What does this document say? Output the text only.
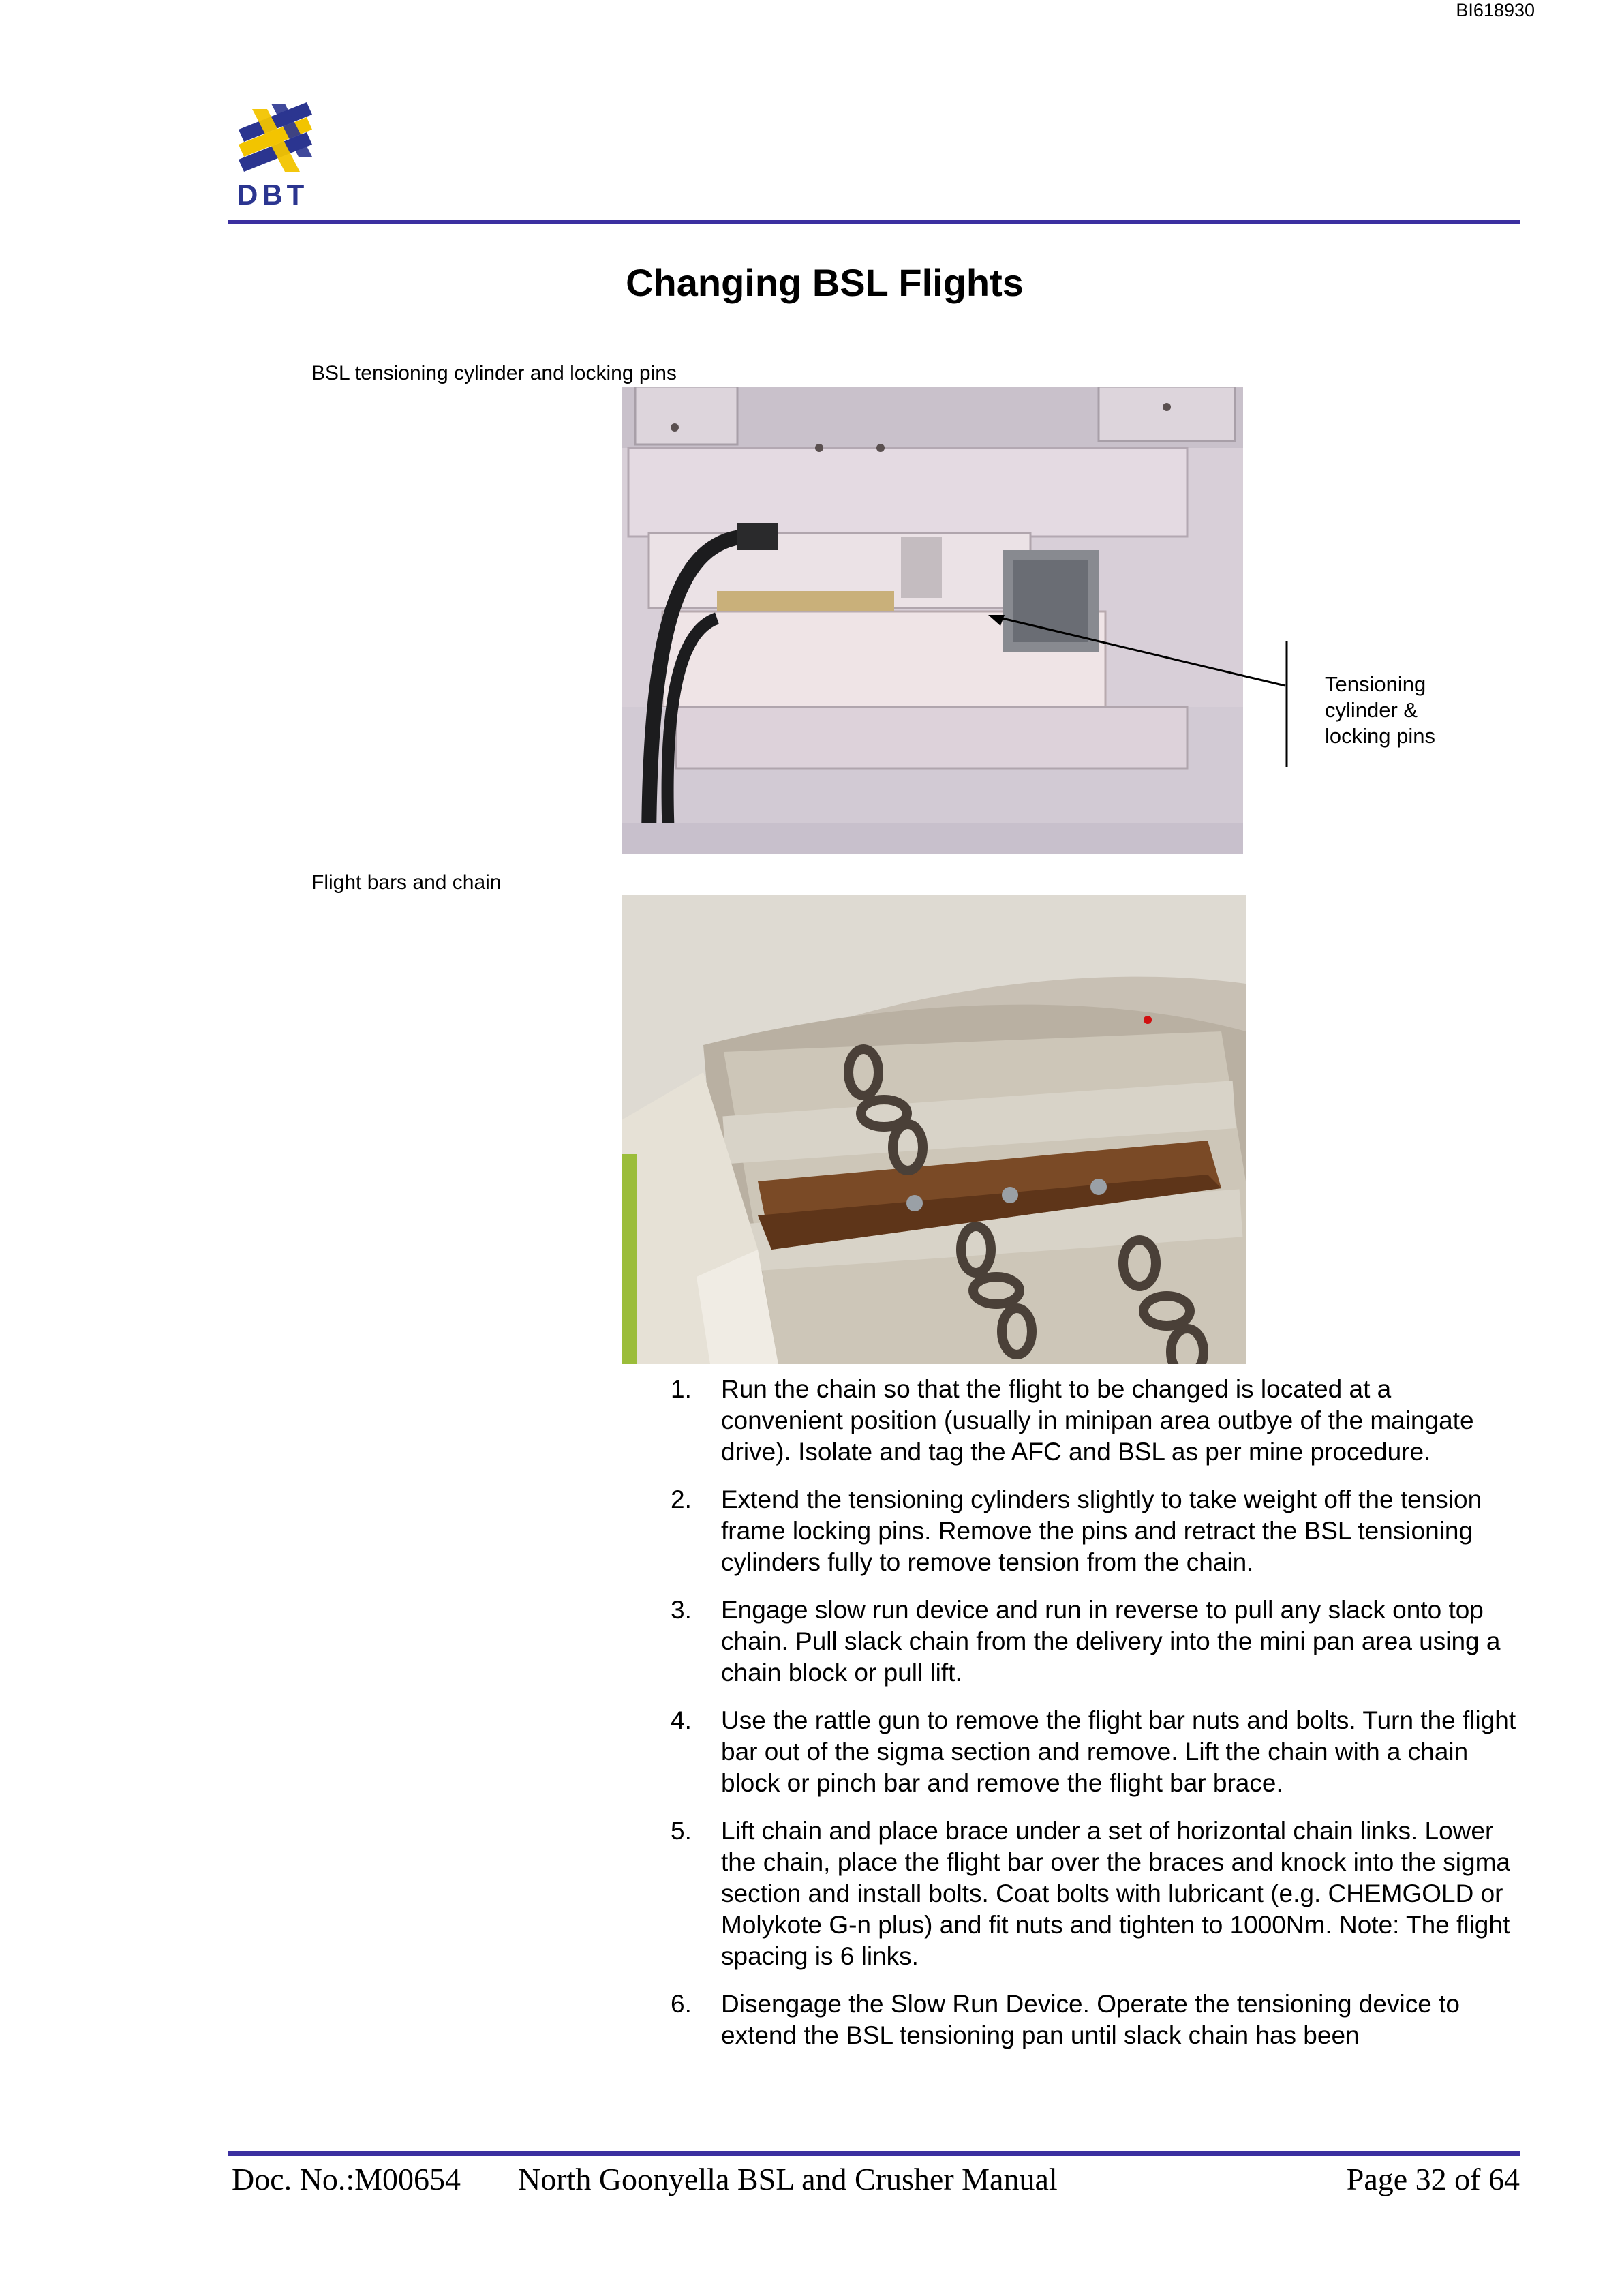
BI618930
DBT
Changing BSL Flights
BSL tensioning cylinder and locking pins
Tensioning
cylinder &
locking pins
Flight bars and chain
1. Run the chain so that the flight to be changed is located at a convenient position (usually in minipan area outbye of the maingate drive). Isolate and tag the AFC and BSL as per mine procedure.
2. Extend the tensioning cylinders slightly to take weight off the tension frame locking pins. Remove the pins and retract the BSL tensioning cylinders fully to remove tension from the chain.
3. Engage slow run device and run in reverse to pull any slack onto top chain. Pull slack chain from the delivery into the mini pan area using a chain block or pull lift.
4. Use the rattle gun to remove the flight bar nuts and bolts. Turn the flight bar out of the sigma section and remove. Lift the chain with a chain block or pinch bar and remove the flight bar brace.
5. Lift chain and place brace under a set of horizontal chain links. Lower the chain, place the flight bar over the braces and knock into the sigma section and install bolts. Coat bolts with lubricant (e.g. CHEMGOLD or Molykote G-n plus) and fit nuts and tighten to 1000Nm. Note: The flight spacing is 6 links.
6. Disengage the Slow Run Device. Operate the tensioning device to extend the BSL tensioning pan until slack chain has been
Doc. No.:M00654 North Goonyella BSL and Crusher Manual	Page 32 of 64
